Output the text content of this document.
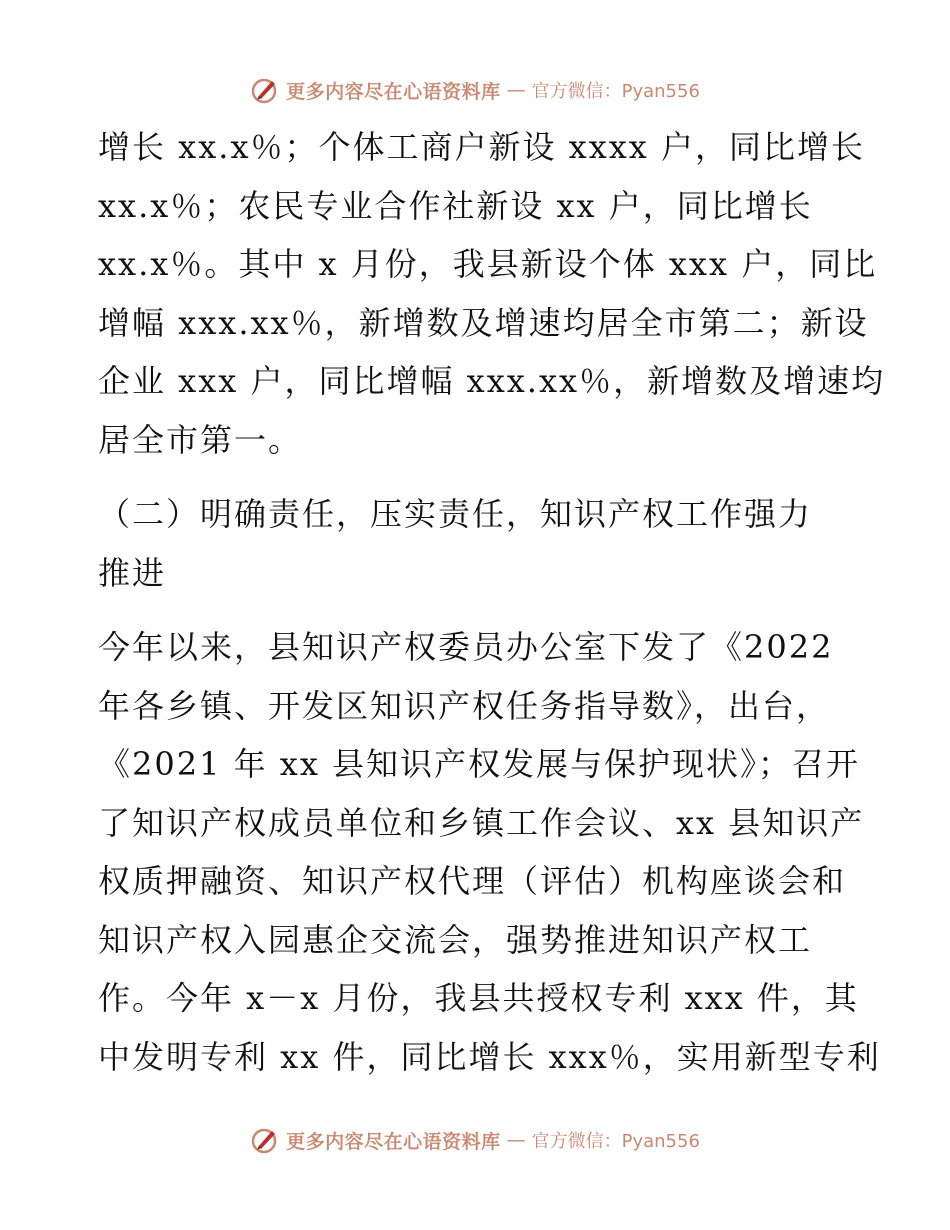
更多内容尽在心语资料库 — 官方微信：Pyan556
增长 xx.x％；个体工商户新设 xxxx 户，同比增长
xx.x％；农民专业合作社新设 xx 户，同比增长
xx.x％。其中 x 月份，我县新设个体 xxx 户，同比
增幅 xxx.xx％，新增数及增速均居全市第二；新设
企业 xxx 户，同比增幅 xxx.xx％，新增数及增速均
居全市第一。
（二）明确责任，压实责任，知识产权工作强力
推进
今年以来，县知识产权委员办公室下发了《2022
年各乡镇、开发区知识产权任务指导数》，出台，
《2021 年 xx 县知识产权发展与保护现状》；召开
了知识产权成员单位和乡镇工作会议、xx 县知识产
权质押融资、知识产权代理（评估）机构座谈会和
知识产权入园惠企交流会，强势推进知识产权工
作。今年 x－x 月份，我县共授权专利 xxx 件，其
中发明专利 xx 件，同比增长 xxx％，实用新型专利
更多内容尽在心语资料库 — 官方微信：Pyan556
